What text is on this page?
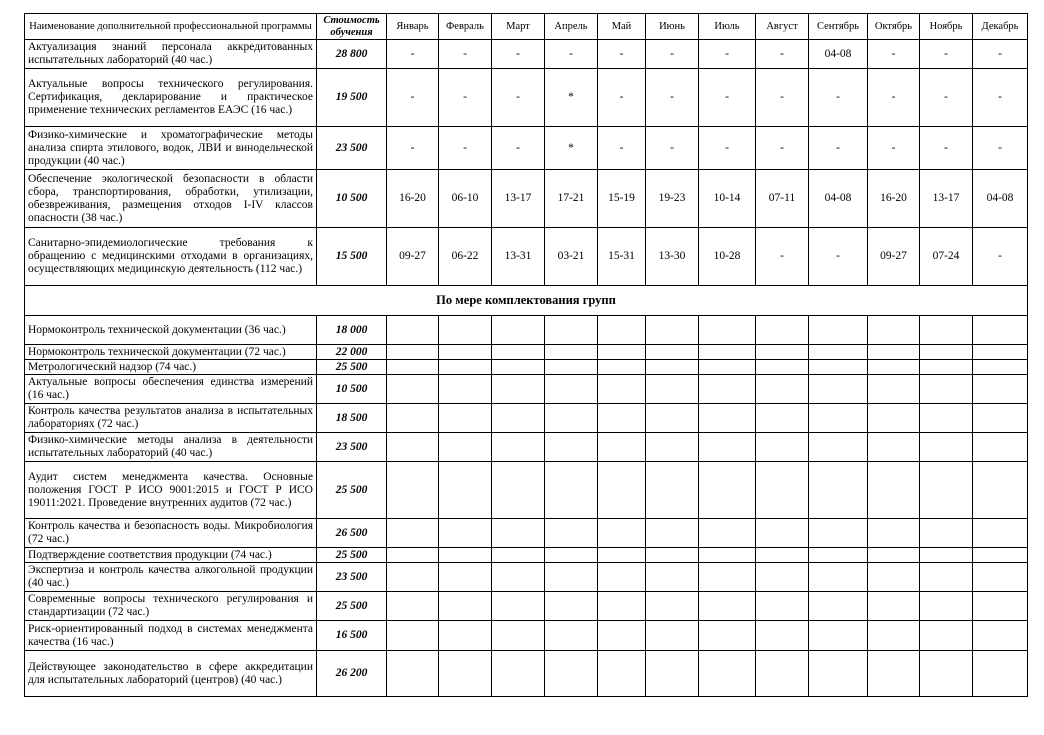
Наименование дополнительной профессиональной программы	Стоимость обучения	Январь	Февраль	Март	Апрель	Май	Июнь	Июль	Август	Сентябрь	Октябрь	Ноябрь	Декабрь
Актуализация знаний персонала аккредитованных испытательных лабораторий (40 час.)	28 800	-	-	-	-	-	-	-	-	04-08	-	-	-
Актуальные вопросы технического регулирования. Сертификация, декларирование и практическое применение технических регламентов ЕАЭС (16 час.)	19 500	-	-	-	*	-	-	-	-	-	-	-	-
Физико-химические и хроматографические методы анализа спирта этилового, водок, ЛВИ и винодельческой продукции (40 час.)	23 500	-	-	-	*	-	-	-	-	-	-	-	-
Обеспечение экологической безопасности в области сбора, транспортирования, обработки, утилизации, обезвреживания, размещения отходов I-IV классов опасности (38 час.)	10 500	16-20	06-10	13-17	17-21	15-19	19-23	10-14	07-11	04-08	16-20	13-17	04-08
Санитарно-эпидемиологические требования к обращению с медицинскими отходами в организациях, осуществляющих медицинскую деятельность (112 час.)	15 500	09-27	06-22	13-31	03-21	15-31	13-30	10-28	-	-	09-27	07-24	-
По мере комплектования групп													
Нормоконтроль технической документации (36 час.)	18 000												
Нормоконтроль технической документации (72 час.)	22 000												
Метрологический надзор (74 час.)	25 500												
Актуальные вопросы обеспечения единства измерений (16 час.)	10 500												
Контроль качества результатов анализа в испытательных лабораториях (72 час.)	18 500												
Физико-химические методы анализа в деятельности испытательных лабораторий (40 час.)	23 500												
Аудит систем менеджмента качества. Основные положения ГОСТ Р ИСО 9001:2015 и ГОСТ Р ИСО 19011:2021. Проведение внутренних аудитов (72 час.)	25 500												
Контроль качества и безопасность воды. Микробиология (72 час.)	26 500												
Подтверждение соответствия продукции (74 час.)	25 500												
Экспертиза и контроль качества алкогольной продукции (40 час.)	23 500												
Современные вопросы технического регулирования и стандартизации (72 час.)	25 500												
Риск-ориентированный подход в системах менеджмента качества (16 час.)	16 500												
Действующее законодательство в сфере аккредитации для испытательных лабораторий (центров) (40 час.)	26 200												
